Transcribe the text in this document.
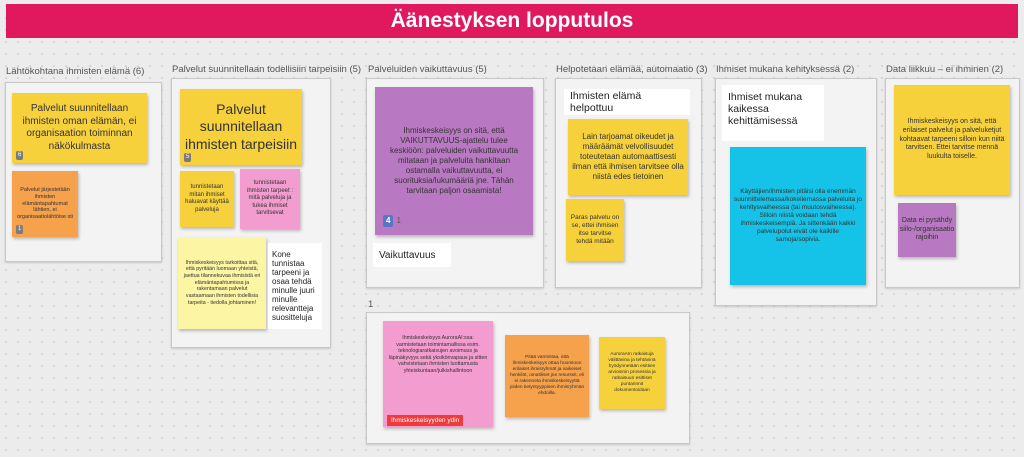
Äänestyksen lopputulos
Lähtökohtana ihmisten elämä (6)	Palvelut suunnitellaan todellisiin tarpeisiin (5) Palveluiden vaikuttavuus (5)	Helpotetaan elämää, automaatio (3) Ihmiset mukana kehityksessä (2)	Data liikkuu – ei ihminen (2)
Palvelut suunnitellaan ihmisten oman elämän, ei organisaation toiminnan näkökulmasta
6
Palvelut järjestetään ihmisten elämäntapahtumat lähtien, ei organisaatiolähtöise sti
1
Palvelut suunnitellaan ihmisten tarpeisiin
5
tunnistetaan mitan ihmiset haluavat käyttää palveluja
tunnistetaan ihmisten tarpeet : mitä palveluja ja tukea ihmiset tarvitsevat
Ihmiskeskeisyys tarkoittaa sitä, että pyritään luomaan yhteistä, jaettua tilannekuvaa ihmisistä eri elämäntapahtumissa ja rakentamaan palvelut vastaamaan ihmisten todellisia tarpeita - tiedolla johtaminen!
Kone tunnistaa tarpeeni ja osaa tehdä minulle juuri minulle relevantteja suositteluja
Ihmiskeskeisyys on sitä, että VAIKUTTAVUUS-ajattelu tulee keskiöön: palveluiden vaikuttavuutta mitataan ja palveluita hankitaan ostamalla vaikuttavuutta, ei suorituksia/lukumääriä jne. Tähän tarvitaan paljon osaamista!
4 1
Vaikuttavuus
1
Ihmisten elämä helpottuu
Lain tarjoamat oikeudet ja määräämät velvollisuudet toteutetaan automaattisesti ilman että ihmisen tarvitsee olla niistä edes tietoinen
Paras palvelu on se, ettei ihmisen itse tarvitse tehdä mitään
Ihmiset mukana kaikessa kehittämisessä
Käyttäjien/ihmisten pitäisi olla enemmän suunnittelemassa/kokeilemassa palveluita jo kehitysvaiheessa (tai muutosvaiheessa). Silloin niistä voidaan tehdä ihmiskeskeisempiä. Ja sittenkään kaikki palvelupolut eivät ole kaikille samoja/sopivia.
Ihmiskeskeisyys on sitä, että erilaiset palvelut ja palveluketjut kohtaavat tarpeeni silloin kun niitä tarvitsen. Ettei tarvitse mennä luukulta toiselle.
Data ei pysähdy siilo-/organisaatio rajoihin
Ihmiskeskeisyys AuroraAI:ssa: varmistetaan toimintamallissa esim. teknologiaratkaisujen avoimuus ja läpinäkyvyys sekä yksikönvapaus ja sitten vahvistetaan ihmisten luottamusta yhteiskuntaan/julkishallintoon
Ihmiskeskeisyyden ydin
Pitää varmistaa, että ihmiskeskeisyys ottaa huomioon erilaiset ihmisryhmät ja vaikeiset henkilöt, omatiliset jne resurssit, eli ei rakenneta ihmiskeskeisyyttä joiden tietyntyyppisen ihmisryhmän ehdoilla.
AuroraAIn ratkaisuja välittävina ja tehtävinä hyödynnetään esittien arvioinnin prosessia ja ratkaisuun esittiset puntarinnit dokumentoidaan
